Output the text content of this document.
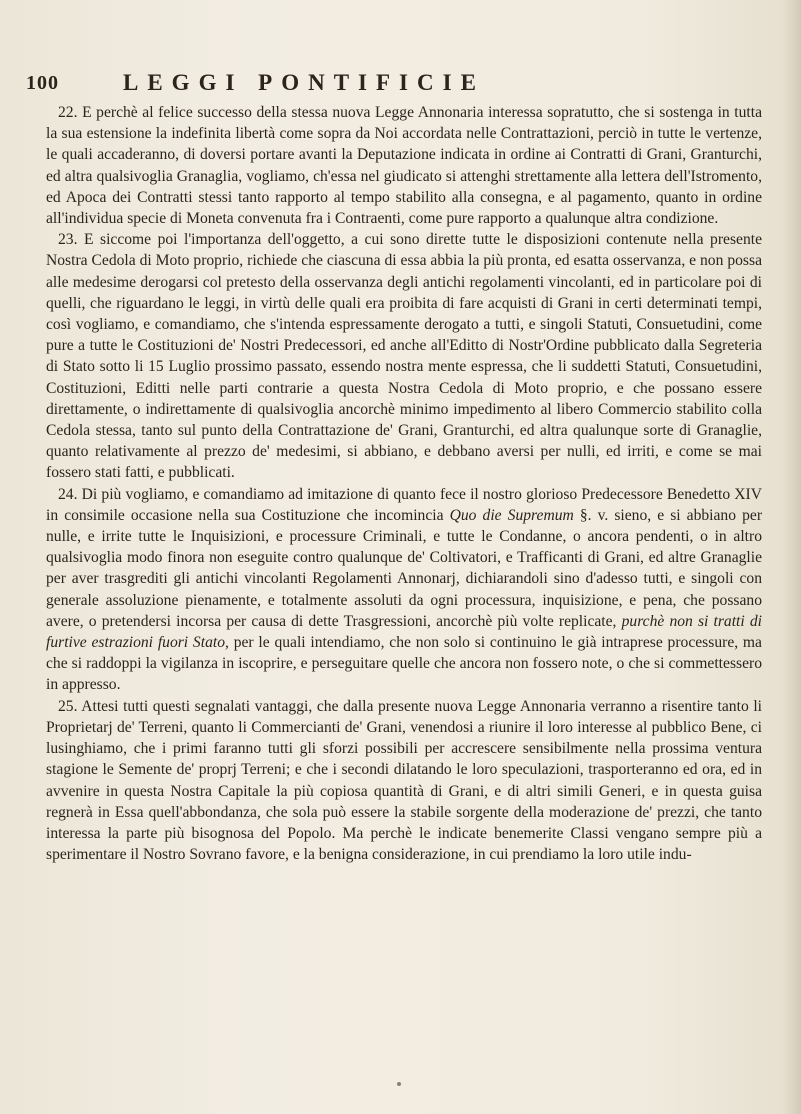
100	LEGGI PONTIFICIE

22. E perchè al felice successo della stessa nuova Legge Annonaria interessa sopratutto, che si sostenga in tutta la sua estensione la indefinita libertà come sopra da Noi accordata nelle Contrattazioni, perciò in tutte le vertenze, le quali accaderanno, di doversi portare avanti la Deputazione indicata in ordine ai Contratti di Grani, Granturchi, ed altra qualsivoglia Granaglia, vogliamo, ch'essa nel giudicato si attenghi strettamente alla lettera dell'Istromento, ed Apoca dei Contratti stessi tanto rapporto al tempo stabilito alla consegna, e al pagamento, quanto in ordine all'individua specie di Moneta convenuta fra i Contraenti, come pure rapporto a qualunque altra condizione.

23. E siccome poi l'importanza dell'oggetto, a cui sono dirette tutte le disposizioni contenute nella presente Nostra Cedola di Moto proprio, richiede che ciascuna di essa abbia la più pronta, ed esatta osservanza, e non possa alle medesime derogarsi col pretesto della osservanza degli antichi regolamenti vincolanti, ed in particolare poi di quelli, che riguardano le leggi, in virtù delle quali era proibita di fare acquisti di Grani in certi determinati tempi, così vogliamo, e comandiamo, che s'intenda espressamente derogato a tutti, e singoli Statuti, Consuetudini, come pure a tutte le Costituzioni de' Nostri Predecessori, ed anche all'Editto di Nostr'Ordine pubblicato dalla Segreteria di Stato sotto li 15 Luglio prossimo passato, essendo nostra mente espressa, che li suddetti Statuti, Consuetudini, Costituzioni, Editti nelle parti contrarie a questa Nostra Cedola di Moto proprio, e che possano essere direttamente, o indirettamente di qualsivoglia ancorchè minimo impedimento al libero Commercio stabilito colla Cedola stessa, tanto sul punto della Contrattazione de' Grani, Granturchi, ed altra qualunque sorte di Granaglie, quanto relativamente al prezzo de' medesimi, si abbiano, e debbano aversi per nulli, ed irriti, e come se mai fossero stati fatti, e pubblicati.

24. Di più vogliamo, e comandiamo ad imitazione di quanto fece il nostro glorioso Predecessore Benedetto XIV in consimile occasione nella sua Costituzione che incomincia Quo die Supremum §. v. sieno, e si abbiano per nulle, e irrite tutte le Inquisizioni, e processure Criminali, e tutte le Condanne, o ancora pendenti, o in altro qualsivoglia modo finora non eseguite contro qualunque de' Coltivatori, e Trafficanti di Grani, ed altre Granaglie per aver trasgrediti gli antichi vincolanti Regolamenti Annonarj, dichiarandoli sino d'adesso tutti, e singoli con generale assoluzione pienamente, e totalmente assoluti da ogni processura, inquisizione, e pena, che possano avere, o pretendersi incorsa per causa di dette Trasgressioni, ancorchè più volte replicate, purchè non si tratti di furtive estrazioni fuori Stato, per le quali intendiamo, che non solo si continuino le già intraprese processure, ma che si raddoppi la vigilanza in iscoprire, e perseguitare quelle che ancora non fossero note, o che si commettessero in appresso.

25. Attesi tutti questi segnalati vantaggi, che dalla presente nuova Legge Annonaria verranno a risentire tanto li Proprietarj de' Terreni, quanto li Commercianti de' Grani, venendosi a riunire il loro interesse al pubblico Bene, ci lusinghiamo, che i primi faranno tutti gli sforzi possibili per accrescere sensibilmente nella prossima ventura stagione le Semente de' proprj Terreni; e che i secondi dilatando le loro speculazioni, trasporteranno ed ora, ed in avvenire in questa Nostra Capitale la più copiosa quantità di Grani, e di altri simili Generi, e in questa guisa regnerà in Essa quell'abbondanza, che sola può essere la stabile sorgente della moderazione de' prezzi, che tanto interessa la parte più bisognosa del Popolo. Ma perchè le indicate benemerite Classi vengano sempre più a sperimentare il Nostro Sovrano favore, e la benigna considerazione, in cui prendiamo la loro utile indu-
